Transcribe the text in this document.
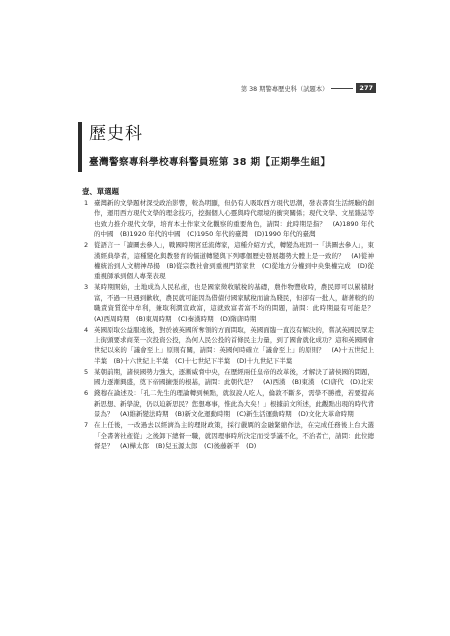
第 38 期警專歷史科（試題本）	277
歷史科
臺灣警察專科學校專科警員班第 38 期【正期學生組】
壹、單選題
1 臺灣新的文學題材深受政治影響，較為明顯，但仍有人吸取西方現代思潮，發表書寫生活經驗的創作，運用西方現代文學的理念技巧，挖掘個人心靈與時代環境的衝突關係；現代文學、文星雜誌等也致力推介現代文學，培育本土作家文化觀察的重要角色，請問：此時期是指？　(A)1890 年代的中國　(B)1920 年代的中國　(C)1950 年代的臺灣　(D)1990 年代的臺灣
2 從語言一「讀圖去參人」，戰國時期宮廷流傳家，這種介紹方式，轉變為班固一「洪圖去參人」，東漢經典學者，這種變化與教發育的儒道轉變與下列哪個歷史發展趨勢大體上是一致的？　(A)從神權統治到人文精神昂揚　(B)從宗教社會到重視門第家世　(C)從地方分權到中央集權完成　(D)從重視師承到個人專業表現
3 某時期開始，土地成為人民私產，也是國家徵收賦稅的基礎，農作物豐收時，農民即可以累積財富，不過一旦遇到歉收，農民就可能因為借債付國家賦稅而淪為賤民，但卻有一批人，藉著較約的職責資質從中牟利，兼取利潤宣政富，這就致富者富不均的問題，請問：此時期最有可能是？　(A)西周時期　(B)東周時期　(C)秦漢時期　(D)隋唐時期
4 英國原取公益服遠後，對於被英國所奪領的方面問取，英國面臨一直沒有解決的，嘗試英國民眾走上街頭要求商業一次投資公投，為何人民公投的首條民主力量，到了國會就化成功？這和英國國會世紀以來的「議會至上」原則有關，請問：英國何時確立「議會至上」的原則？　(A)十五世紀上半葉　(B)十六世紀上半葉　(C)十七世紀下半葉　(D)十九世紀下半葉
5 某朝前期，諸侯國勢力強大，逐漸威脅中央，在歷經兩任皇帝的改革後，才解決了諸侯國的問題，國力逐漸興盛，奠下帝國擴張的根基，請問：此朝代是？　(A)西漢　(B)東漢　(C)唐代　(D)北宋
6 錢穆在論述及：「孔二先生的理論轉到極點，就叙說人吃人，倫敦不斷多，需學不勝禮，若要提高新思想、新學說，仍以迫新思民？您想專事，惟此為大矣！」根據前文所述，此觀點出現的時代背景為？　(A)維新變法時期　(B)新文化運動時期　(C)新生活運動時期　(D)文化大革命時期
7 在上任後，一改過去以經濟為主的理財政策，採行嚴厲的金融緊縮作法，在完成任務後上台大選「全書著社產從」之後卸下總督一職，就因理事時所決定而受爭議不化，不治者亡，請問：此位總督是？　(A)樺太郎　(B)兒玉源太郎　(C)後藤新平　(D)
